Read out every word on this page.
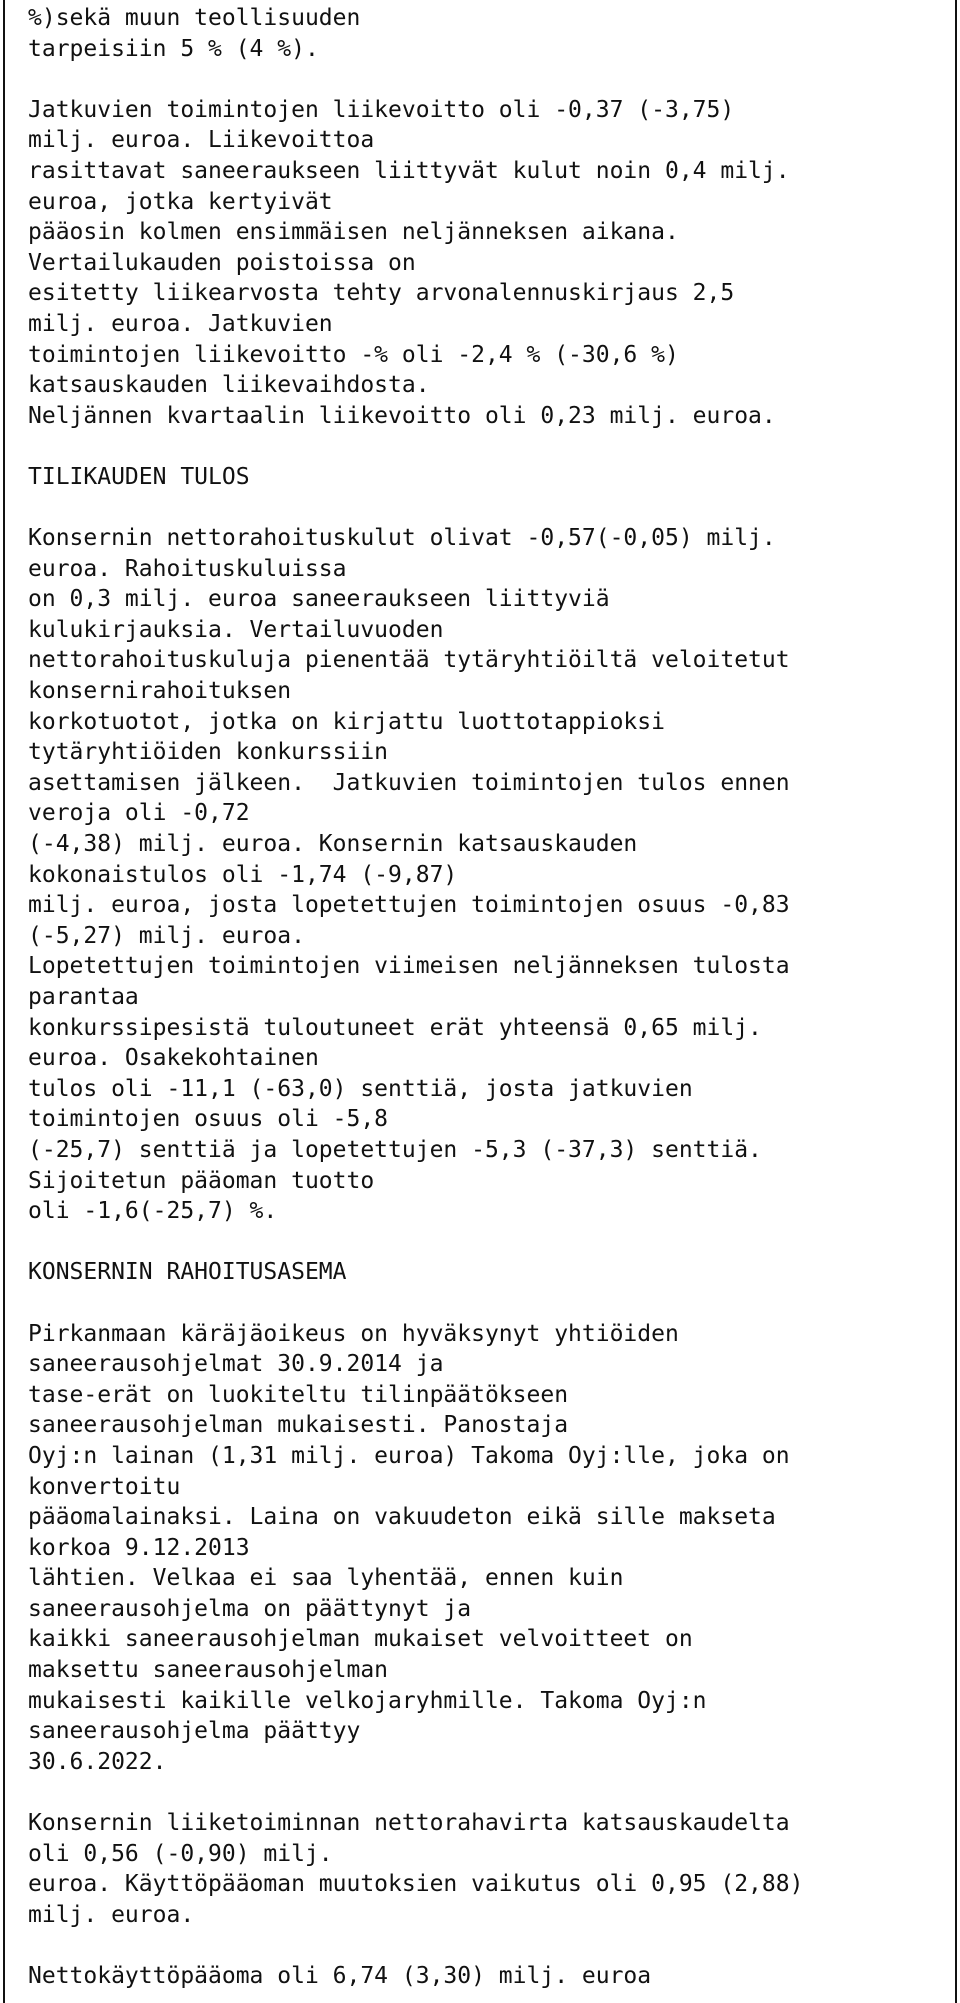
%)sekä muun teollisuuden
tarpeisiin 5 % (4 %).
Jatkuvien toimintojen liikevoitto oli -0,37 (-3,75)
milj. euroa. Liikevoittoa
rasittavat saneeraukseen liittyvät kulut noin 0,4 milj.
euroa, jotka kertyivät
pääosin kolmen ensimmäisen neljänneksen aikana.
Vertailukauden poistoissa on
esitetty liikearvosta tehty arvonalennuskirjaus 2,5
milj. euroa. Jatkuvien
toimintojen liikevoitto -% oli -2,4 % (-30,6 %)
katsauskauden liikevaihdosta.
Neljännen kvartaalin liikevoitto oli 0,23 milj. euroa.
TILIKAUDEN TULOS
Konsernin nettorahoituskulut olivat -0,57(-0,05) milj.
euroa. Rahoituskuluissa
on 0,3 milj. euroa saneeraukseen liittyviä
kulukirjauksia. Vertailuvuoden
nettorahoituskuluja pienentää tytäryhtiöiltä veloitetut
konsernirahoituksen
korkotuotot, jotka on kirjattu luottotappioksi
tytäryhtiöiden konkurssiin
asettamisen jälkeen.  Jatkuvien toimintojen tulos ennen
veroja oli -0,72
(-4,38) milj. euroa. Konsernin katsauskauden
kokonaistulos oli -1,74 (-9,87)
milj. euroa, josta lopetettujen toimintojen osuus -0,83
(-5,27) milj. euroa.
Lopetettujen toimintojen viimeisen neljänneksen tulosta
parantaa
konkurssipesistä tuloutuneet erät yhteensä 0,65 milj.
euroa. Osakekohtainen
tulos oli -11,1 (-63,0) senttiä, josta jatkuvien
toimintojen osuus oli -5,8
(-25,7) senttiä ja lopetettujen -5,3 (-37,3) senttiä.
Sijoitetun pääoman tuotto
oli -1,6(-25,7) %.
KONSERNIN RAHOITUSASEMA
Pirkanmaan käräjäoikeus on hyväksynyt yhtiöiden
saneerausohjelmat 30.9.2014 ja
tase-erät on luokiteltu tilinpäätökseen
saneerausohjelman mukaisesti. Panostaja
Oyj:n lainan (1,31 milj. euroa) Takoma Oyj:lle, joka on
konvertoitu
pääomalainaksi. Laina on vakuudeton eikä sille makseta
korkoa 9.12.2013
lähtien. Velkaa ei saa lyhentää, ennen kuin
saneerausohjelma on päättynyt ja
kaikki saneerausohjelman mukaiset velvoitteet on
maksettu saneerausohjelman
mukaisesti kaikille velkojaryhmille. Takoma Oyj:n
saneerausohjelma päättyy
30.6.2022.
Konsernin liiketoiminnan nettorahavirta katsauskaudelta
oli 0,56 (-0,90) milj.
euroa. Käyttöpääoman muutoksien vaikutus oli 0,95 (2,88)
milj. euroa.
Nettokäyttöpääoma oli 6,74 (3,30) milj. euroa
